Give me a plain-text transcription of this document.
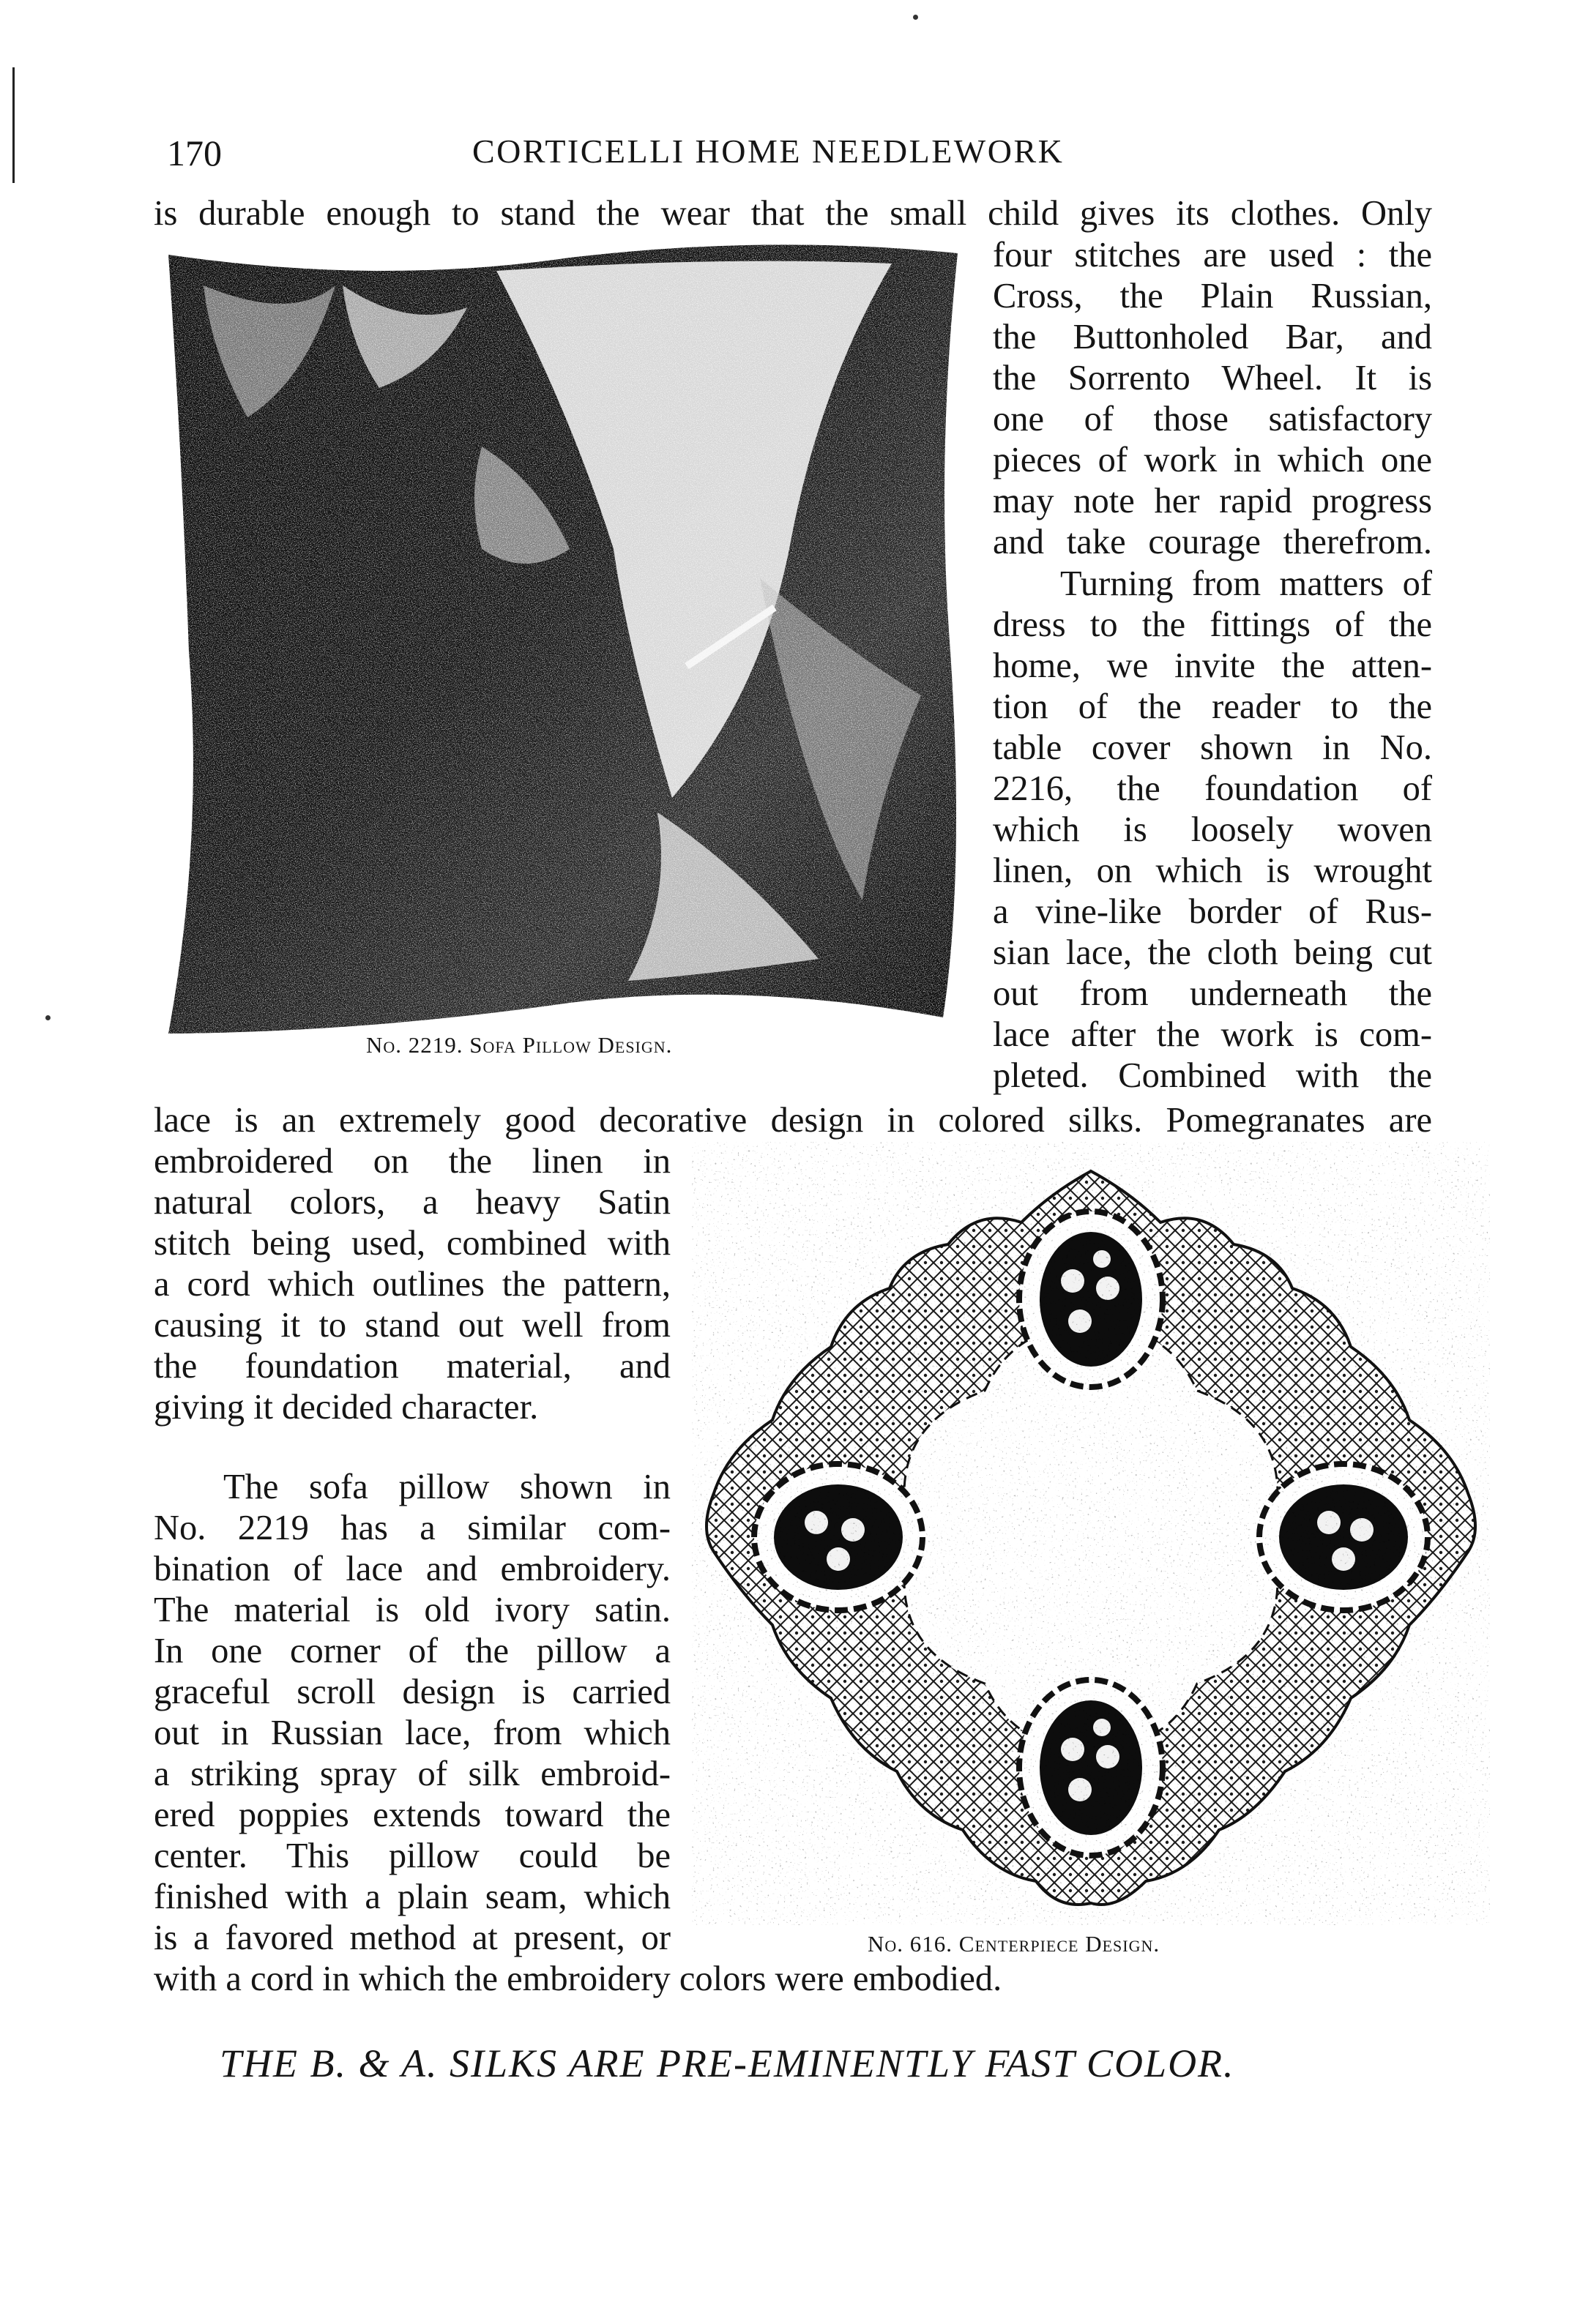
170	CORTICELLI HOME NEEDLEWORK
is durable enough to stand the wear that the small child gives its clothes. Only
No. 2219. Sofa Pillow Design.
four stitches are used : the
Cross, the Plain Russian,
the Buttonholed Bar, and
the Sorrento Wheel. It is
one of those satisfactory
pieces of work in which one
may note her rapid progress
and take courage therefrom.
Turning from matters of
dress to the fittings of the
home, we invite the atten-
tion of the reader to the
table cover shown in No.
2216, the foundation of
which is loosely woven
linen, on which is wrought
a vine-like border of Rus-
sian lace, the cloth being cut
out from underneath the
lace after the work is com-
pleted. Combined with the
lace is an extremely good decorative design in colored silks. Pomegranates are
embroidered on the linen in
natural colors, a heavy Satin
stitch being used, combined with
a cord which outlines the pattern,
causing it to stand out well from
the foundation material, and
giving it decided character.
The sofa pillow shown in
No. 2219 has a similar com-
bination of lace and embroidery.
The material is old ivory satin.
In one corner of the pillow a
graceful scroll design is carried
out in Russian lace, from which
a striking spray of silk embroid-
ered poppies extends toward the
center. This pillow could be
finished with a plain seam, which
is a favored method at present, or	No. 616. Centerpiece Design.
with a cord in which the embroidery colors were embodied.
THE B. & A. SILKS ARE PRE-EMINENTLY FAST COLOR.
